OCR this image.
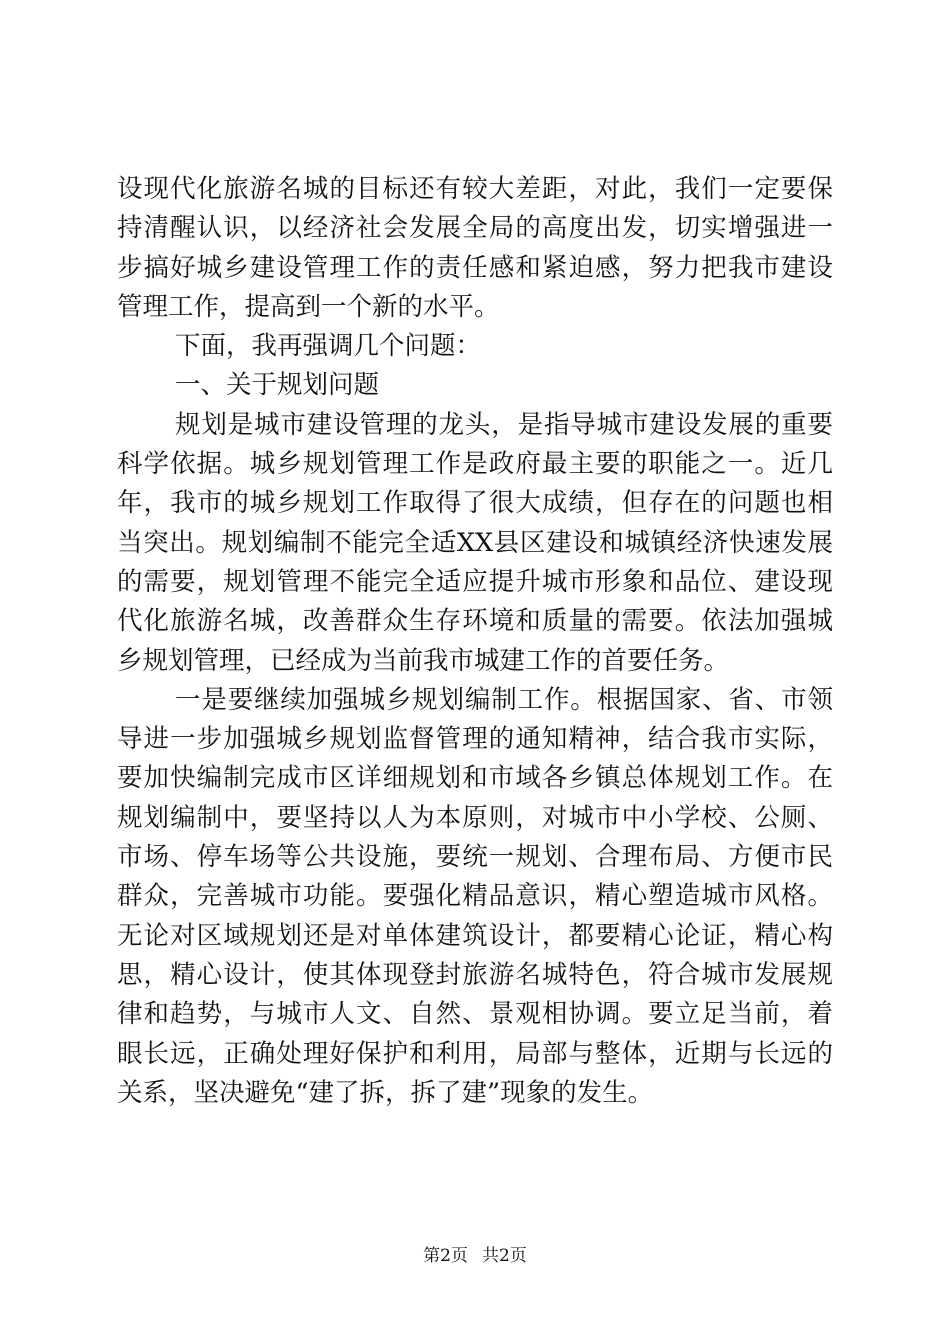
设现代化旅游名城的目标还有较大差距，对此，我们一定要保
持清醒认识，以经济社会发展全局的高度出发，切实增强进一
步搞好城乡建设管理工作的责任感和紧迫感，努力把我市建设
管理工作，提高到一个新的水平。
下面，我再强调几个问题：
一、关于规划问题
规划是城市建设管理的龙头，是指导城市建设发展的重要
科学依据。城乡规划管理工作是政府最主要的职能之一。近几
年，我市的城乡规划工作取得了很大成绩，但存在的问题也相
当突出。规划编制不能完全适XX县区建设和城镇经济快速发展
的需要，规划管理不能完全适应提升城市形象和品位、建设现
代化旅游名城，改善群众生存环境和质量的需要。依法加强城
乡规划管理，已经成为当前我市城建工作的首要任务。
一是要继续加强城乡规划编制工作。根据国家、省、市领
导进一步加强城乡规划监督管理的通知精神，结合我市实际，
要加快编制完成市区详细规划和市域各乡镇总体规划工作。在
规划编制中，要坚持以人为本原则，对城市中小学校、公厕、
市场、停车场等公共设施，要统一规划、合理布局、方便市民
群众，完善城市功能。要强化精品意识，精心塑造城市风格。
无论对区域规划还是对单体建筑设计，都要精心论证，精心构
思，精心设计，使其体现登封旅游名城特色，符合城市发展规
律和趋势，与城市人文、自然、景观相协调。要立足当前，着
眼长远，正确处理好保护和利用，局部与整体，近期与长远的
关系，坚决避免“建了拆，拆了建”现象的发生。
第2页 共2页
